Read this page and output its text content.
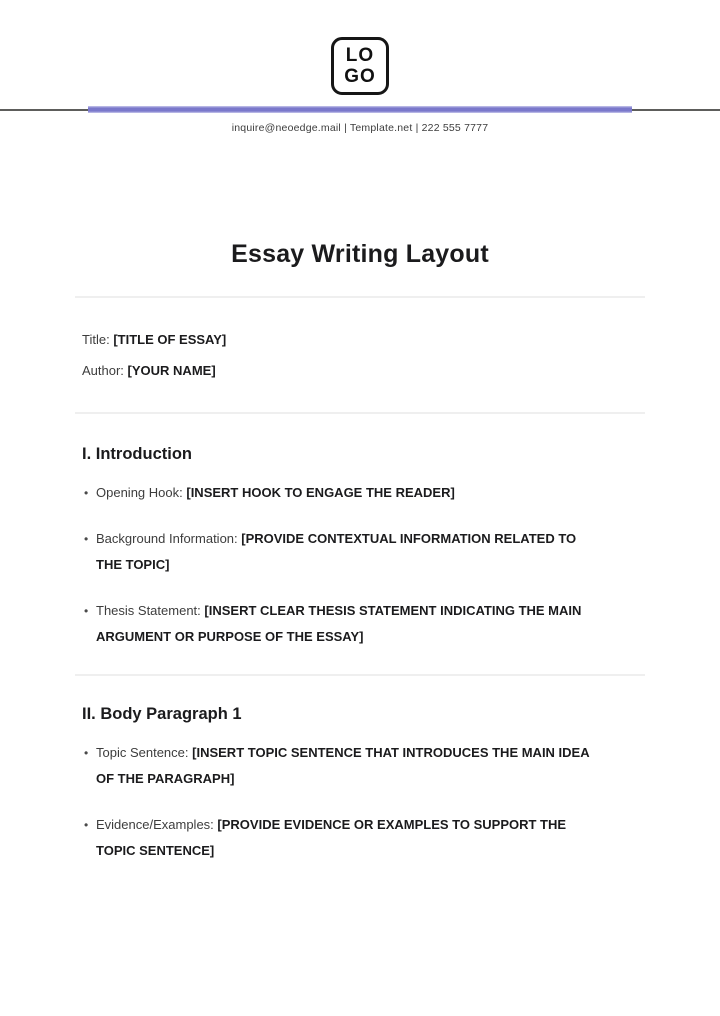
LO
GO
inquire@neoedge.mail | Template.net | 222 555 7777
Essay Writing Layout
Title: [TITLE OF ESSAY]
Author: [YOUR NAME]
I. Introduction
• Opening Hook: [INSERT HOOK TO ENGAGE THE READER]
• Background Information: [PROVIDE CONTEXTUAL INFORMATION RELATED TO THE TOPIC]
• Thesis Statement: [INSERT CLEAR THESIS STATEMENT INDICATING THE MAIN ARGUMENT OR PURPOSE OF THE ESSAY]
II. Body Paragraph 1
• Topic Sentence: [INSERT TOPIC SENTENCE THAT INTRODUCES THE MAIN IDEA OF THE PARAGRAPH]
• Evidence/Examples: [PROVIDE EVIDENCE OR EXAMPLES TO SUPPORT THE TOPIC SENTENCE]
